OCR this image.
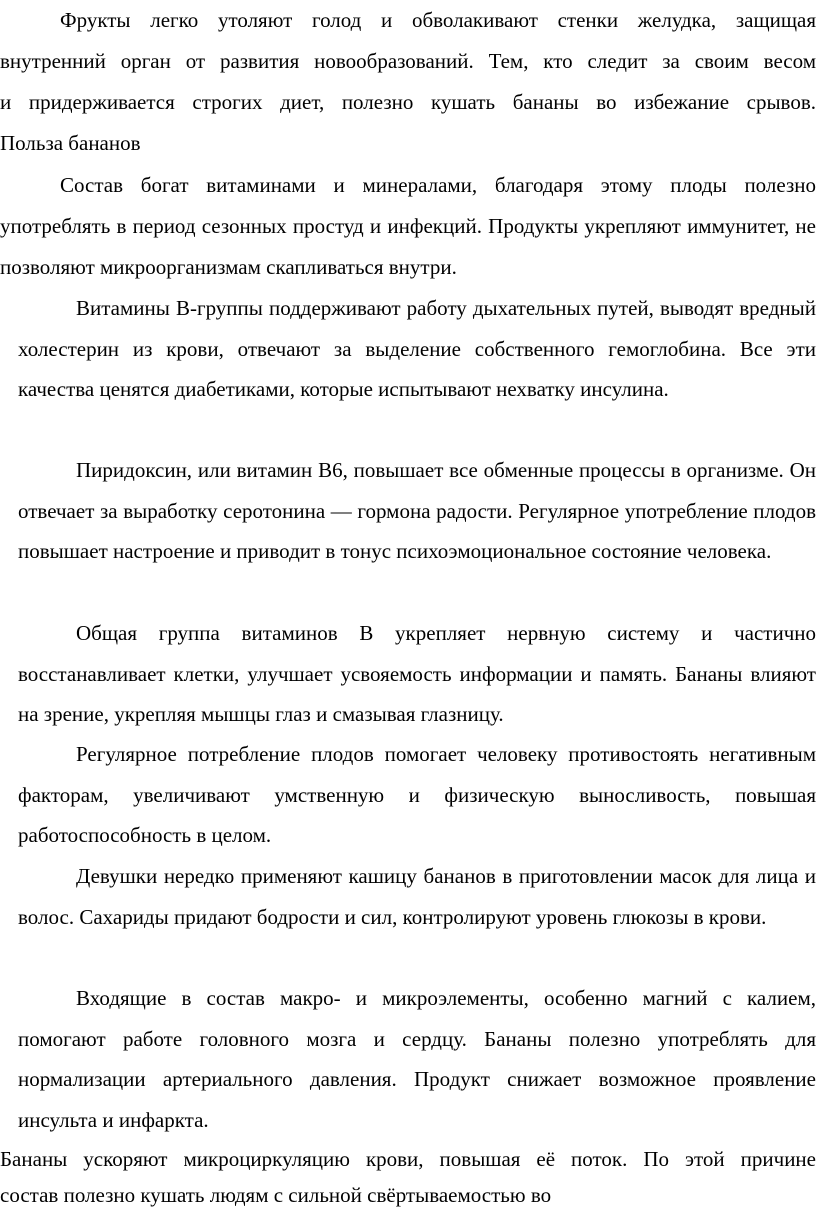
Фрукты легко утоляют голод и обволакивают стенки желудка, защищая
внутренний орган от развития новообразований. Тем, кто следит за своим весом
и придерживается строгих диет, полезно кушать бананы во избежание срывов.

Польза бананов

Состав богат витаминами и минералами, благодаря этому плоды полезно употреблять в период сезонных простуд и инфекций. Продукты укрепляют иммунитет, не позволяют микроорганизмам скапливаться внутри.

Витамины B-группы поддерживают работу дыхательных путей, выводят вредный холестерин из крови, отвечают за выделение собственного гемоглобина. Все эти качества ценятся диабетиками, которые испытывают нехватку инсулина.

Пиридоксин, или витамин B6, повышает все обменные процессы в организме. Он отвечает за выработку серотонина — гормона радости. Регулярное употребление плодов повышает настроение и приводит в тонус психоэмоциональное состояние человека.

Общая группа витаминов B укрепляет нервную систему и частично восстанавливает клетки, улучшает усвояемость информации и память. Бананы влияют на зрение, укрепляя мышцы глаз и смазывая глазницу.

Регулярное потребление плодов помогает человеку противостоять негативным факторам, увеличивают умственную и физическую выносливость, повышая работоспособность в целом.

Девушки нередко применяют кашицу бананов в приготовлении масок для лица и волос. Сахариды придают бодрости и сил, контролируют уровень глюкозы в крови.

Входящие в состав макро- и микроэлементы, особенно магний с калием, помогают работе головного мозга и сердцу. Бананы полезно употреблять для нормализации артериального давления. Продукт снижает возможное проявление инсульта и инфаркта.

Бананы ускоряют микроциркуляцию крови, повышая её поток. По этой причине
состав полезно кушать людям с сильной свёртываемостью во
